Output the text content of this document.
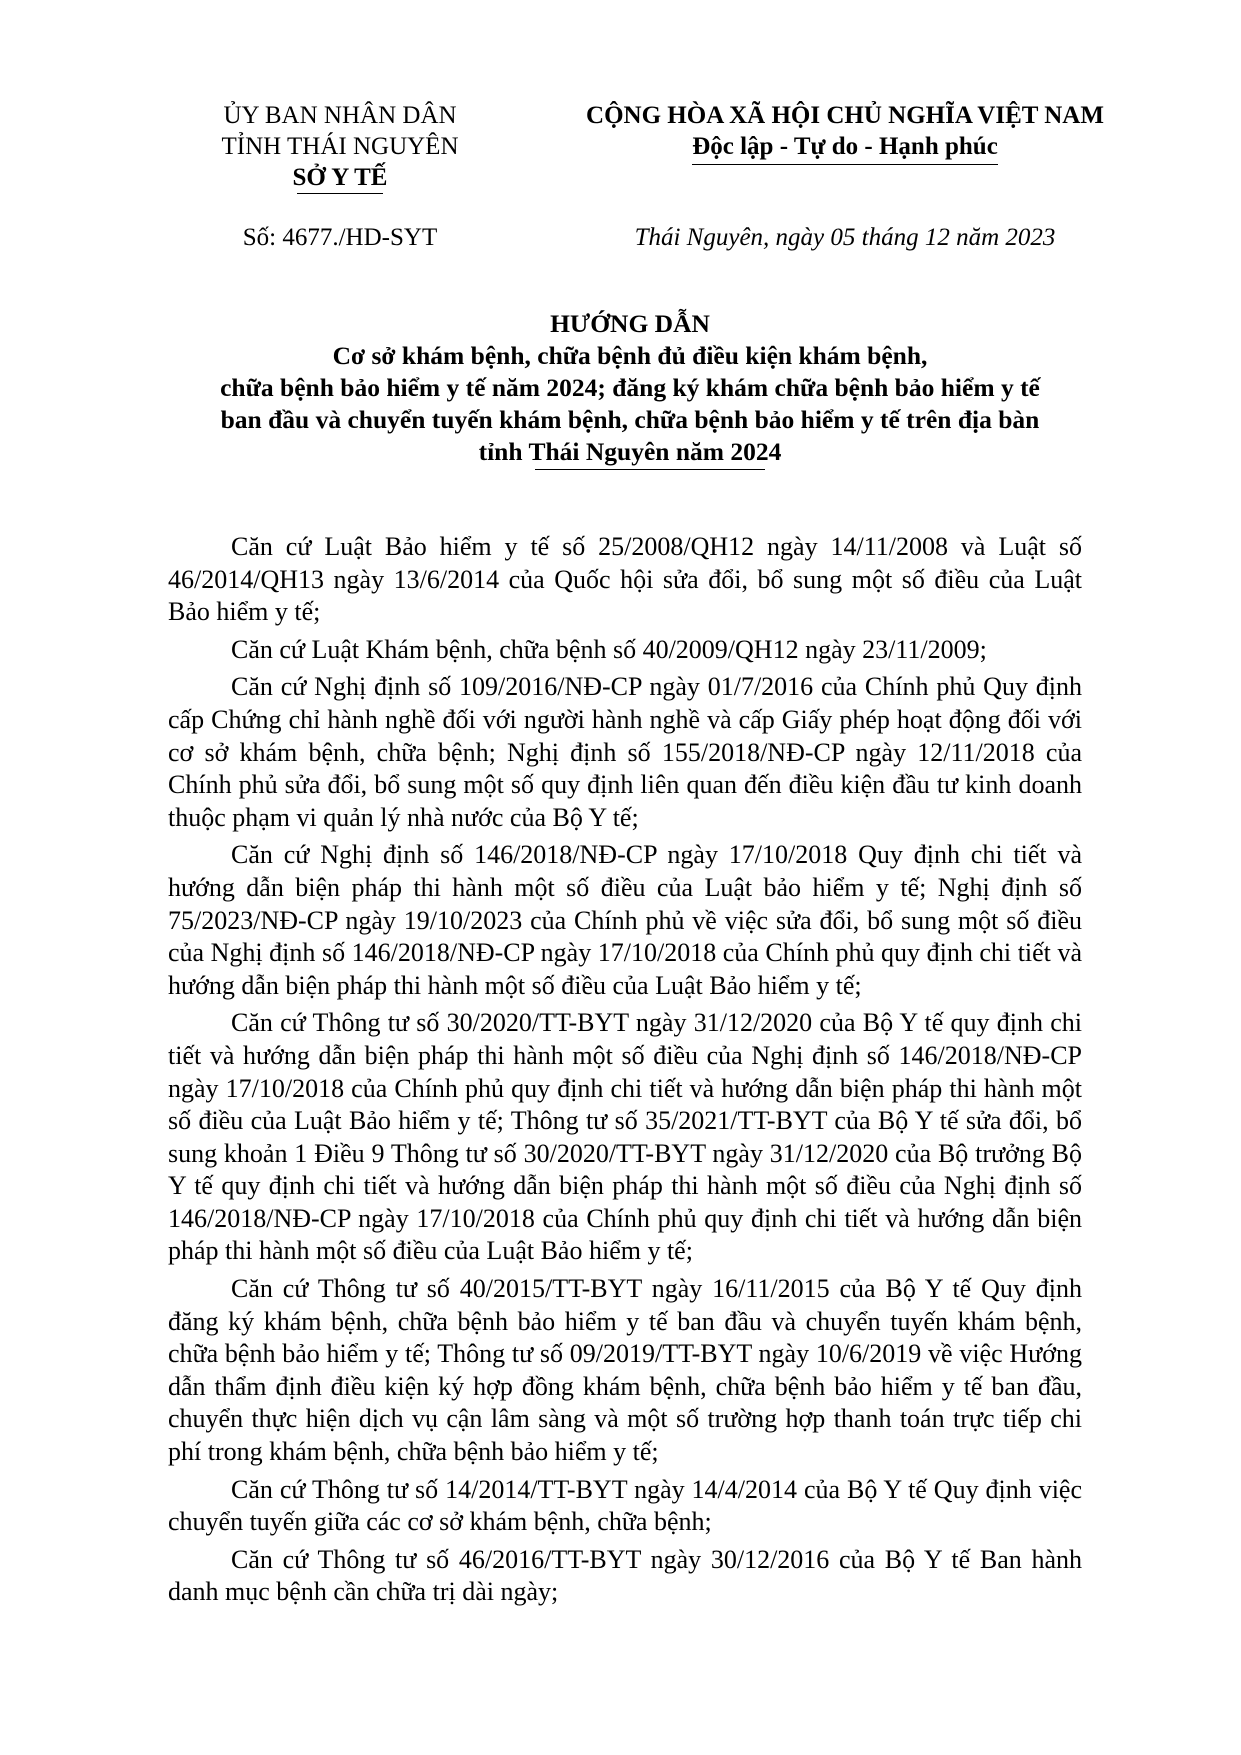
ỦY BAN NHÂN DÂN
TỈNH THÁI NGUYÊN
SỞ Y TẾ
Số: 4677./HD-SYT
CỘNG HÒA XÃ HỘI CHỦ NGHĨA VIỆT NAM
Độc lập - Tự do - Hạnh phúc
Thái Nguyên, ngày 05 tháng 12 năm 2023
HƯỚNG DẪN
Cơ sở khám bệnh, chữa bệnh đủ điều kiện khám bệnh,
chữa bệnh bảo hiểm y tế năm 2024; đăng ký khám chữa bệnh bảo hiểm y tế
ban đầu và chuyển tuyến khám bệnh, chữa bệnh bảo hiểm y tế trên địa bàn
tỉnh Thái Nguyên năm 2024

Căn cứ Luật Bảo hiểm y tế số 25/2008/QH12 ngày 14/11/2008 và Luật số 46/2014/QH13 ngày 13/6/2014 của Quốc hội sửa đổi, bổ sung một số điều của Luật Bảo hiểm y tế;

Căn cứ Luật Khám bệnh, chữa bệnh số 40/2009/QH12 ngày 23/11/2009;

Căn cứ Nghị định số 109/2016/NĐ-CP ngày 01/7/2016 của Chính phủ Quy định cấp Chứng chỉ hành nghề đối với người hành nghề và cấp Giấy phép hoạt động đối với cơ sở khám bệnh, chữa bệnh; Nghị định số 155/2018/NĐ-CP ngày 12/11/2018 của Chính phủ sửa đổi, bổ sung một số quy định liên quan đến điều kiện đầu tư kinh doanh thuộc phạm vi quản lý nhà nước của Bộ Y tế;

Căn cứ Nghị định số 146/2018/NĐ-CP ngày 17/10/2018 Quy định chi tiết và hướng dẫn biện pháp thi hành một số điều của Luật bảo hiểm y tế; Nghị định số 75/2023/NĐ-CP ngày 19/10/2023 của Chính phủ về việc sửa đổi, bổ sung một số điều của Nghị định số 146/2018/NĐ-CP ngày 17/10/2018 của Chính phủ quy định chi tiết và hướng dẫn biện pháp thi hành một số điều của Luật Bảo hiểm y tế;

Căn cứ Thông tư số 30/2020/TT-BYT ngày 31/12/2020 của Bộ Y tế quy định chi tiết và hướng dẫn biện pháp thi hành một số điều của Nghị định số 146/2018/NĐ-CP ngày 17/10/2018 của Chính phủ quy định chi tiết và hướng dẫn biện pháp thi hành một số điều của Luật Bảo hiểm y tế; Thông tư số 35/2021/TT-BYT của Bộ Y tế sửa đổi, bổ sung khoản 1 Điều 9 Thông tư số 30/2020/TT-BYT ngày 31/12/2020 của Bộ trưởng Bộ Y tế quy định chi tiết và hướng dẫn biện pháp thi hành một số điều của Nghị định số 146/2018/NĐ-CP ngày 17/10/2018 của Chính phủ quy định chi tiết và hướng dẫn biện pháp thi hành một số điều của Luật Bảo hiểm y tế;

Căn cứ Thông tư số 40/2015/TT-BYT ngày 16/11/2015 của Bộ Y tế Quy định đăng ký khám bệnh, chữa bệnh bảo hiểm y tế ban đầu và chuyển tuyến khám bệnh, chữa bệnh bảo hiểm y tế; Thông tư số 09/2019/TT-BYT ngày 10/6/2019 về việc Hướng dẫn thẩm định điều kiện ký hợp đồng khám bệnh, chữa bệnh bảo hiểm y tế ban đầu, chuyển thực hiện dịch vụ cận lâm sàng và một số trường hợp thanh toán trực tiếp chi phí trong khám bệnh, chữa bệnh bảo hiểm y tế;

Căn cứ Thông tư số 14/2014/TT-BYT ngày 14/4/2014 của Bộ Y tế Quy định việc chuyển tuyến giữa các cơ sở khám bệnh, chữa bệnh;

Căn cứ Thông tư số 46/2016/TT-BYT ngày 30/12/2016 của Bộ Y tế Ban hành danh mục bệnh cần chữa trị dài ngày;
